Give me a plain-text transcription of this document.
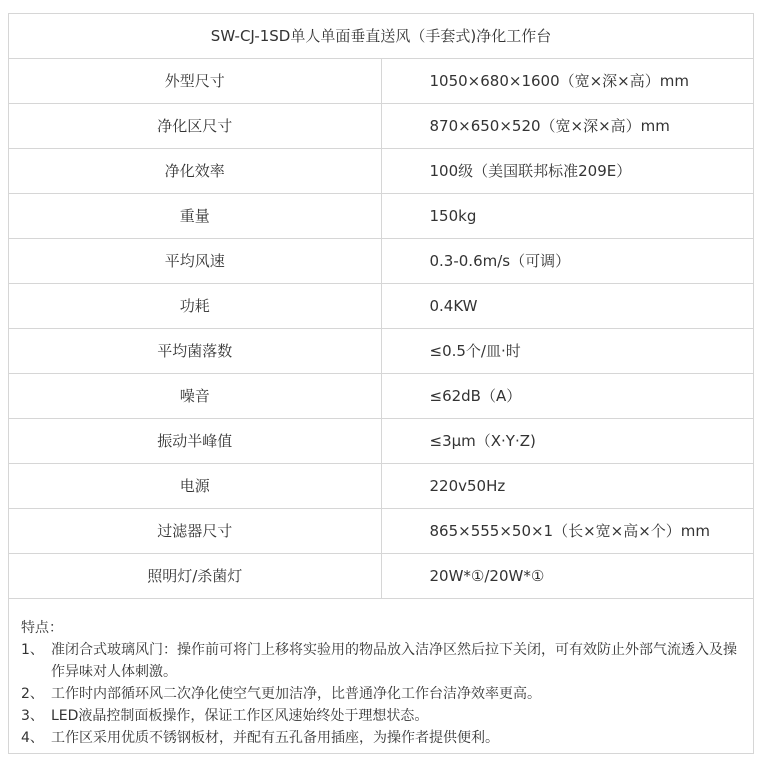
SW-CJ-1SD单人单面垂直送风（手套式)净化工作台	
外型尺寸	1050×680×1600（宽×深×高）mm
净化区尺寸	870×650×520（宽×深×高）mm
净化效率	100级（美国联邦标准209E）
重量	150kg
平均风速	0.3-0.6m/s（可调）
功耗	0.4KW
平均菌落数	≤0.5个/皿·时
噪音	≤62dB（A）
振动半峰值	≤3μm（X·Y·Z)
电源	220v50Hz
过滤器尺寸	865×555×50×1（长×宽×高×个）mm
照明灯/杀菌灯	20W*①/20W*①
特点：
1、 准闭合式玻璃风门：操作前可将门上移将实验用的物品放入洁净区然后拉下关闭，可有效防止外部气流透入及操作异味对人体刺激。
2、 工作时内部循环风二次净化使空气更加洁净，比普通净化工作台洁净效率更高。
3、 LED液晶控制面板操作，保证工作区风速始终处于理想状态。
4、 工作区采用优质不锈钢板材，并配有五孔备用插座，为操作者提供便利。
